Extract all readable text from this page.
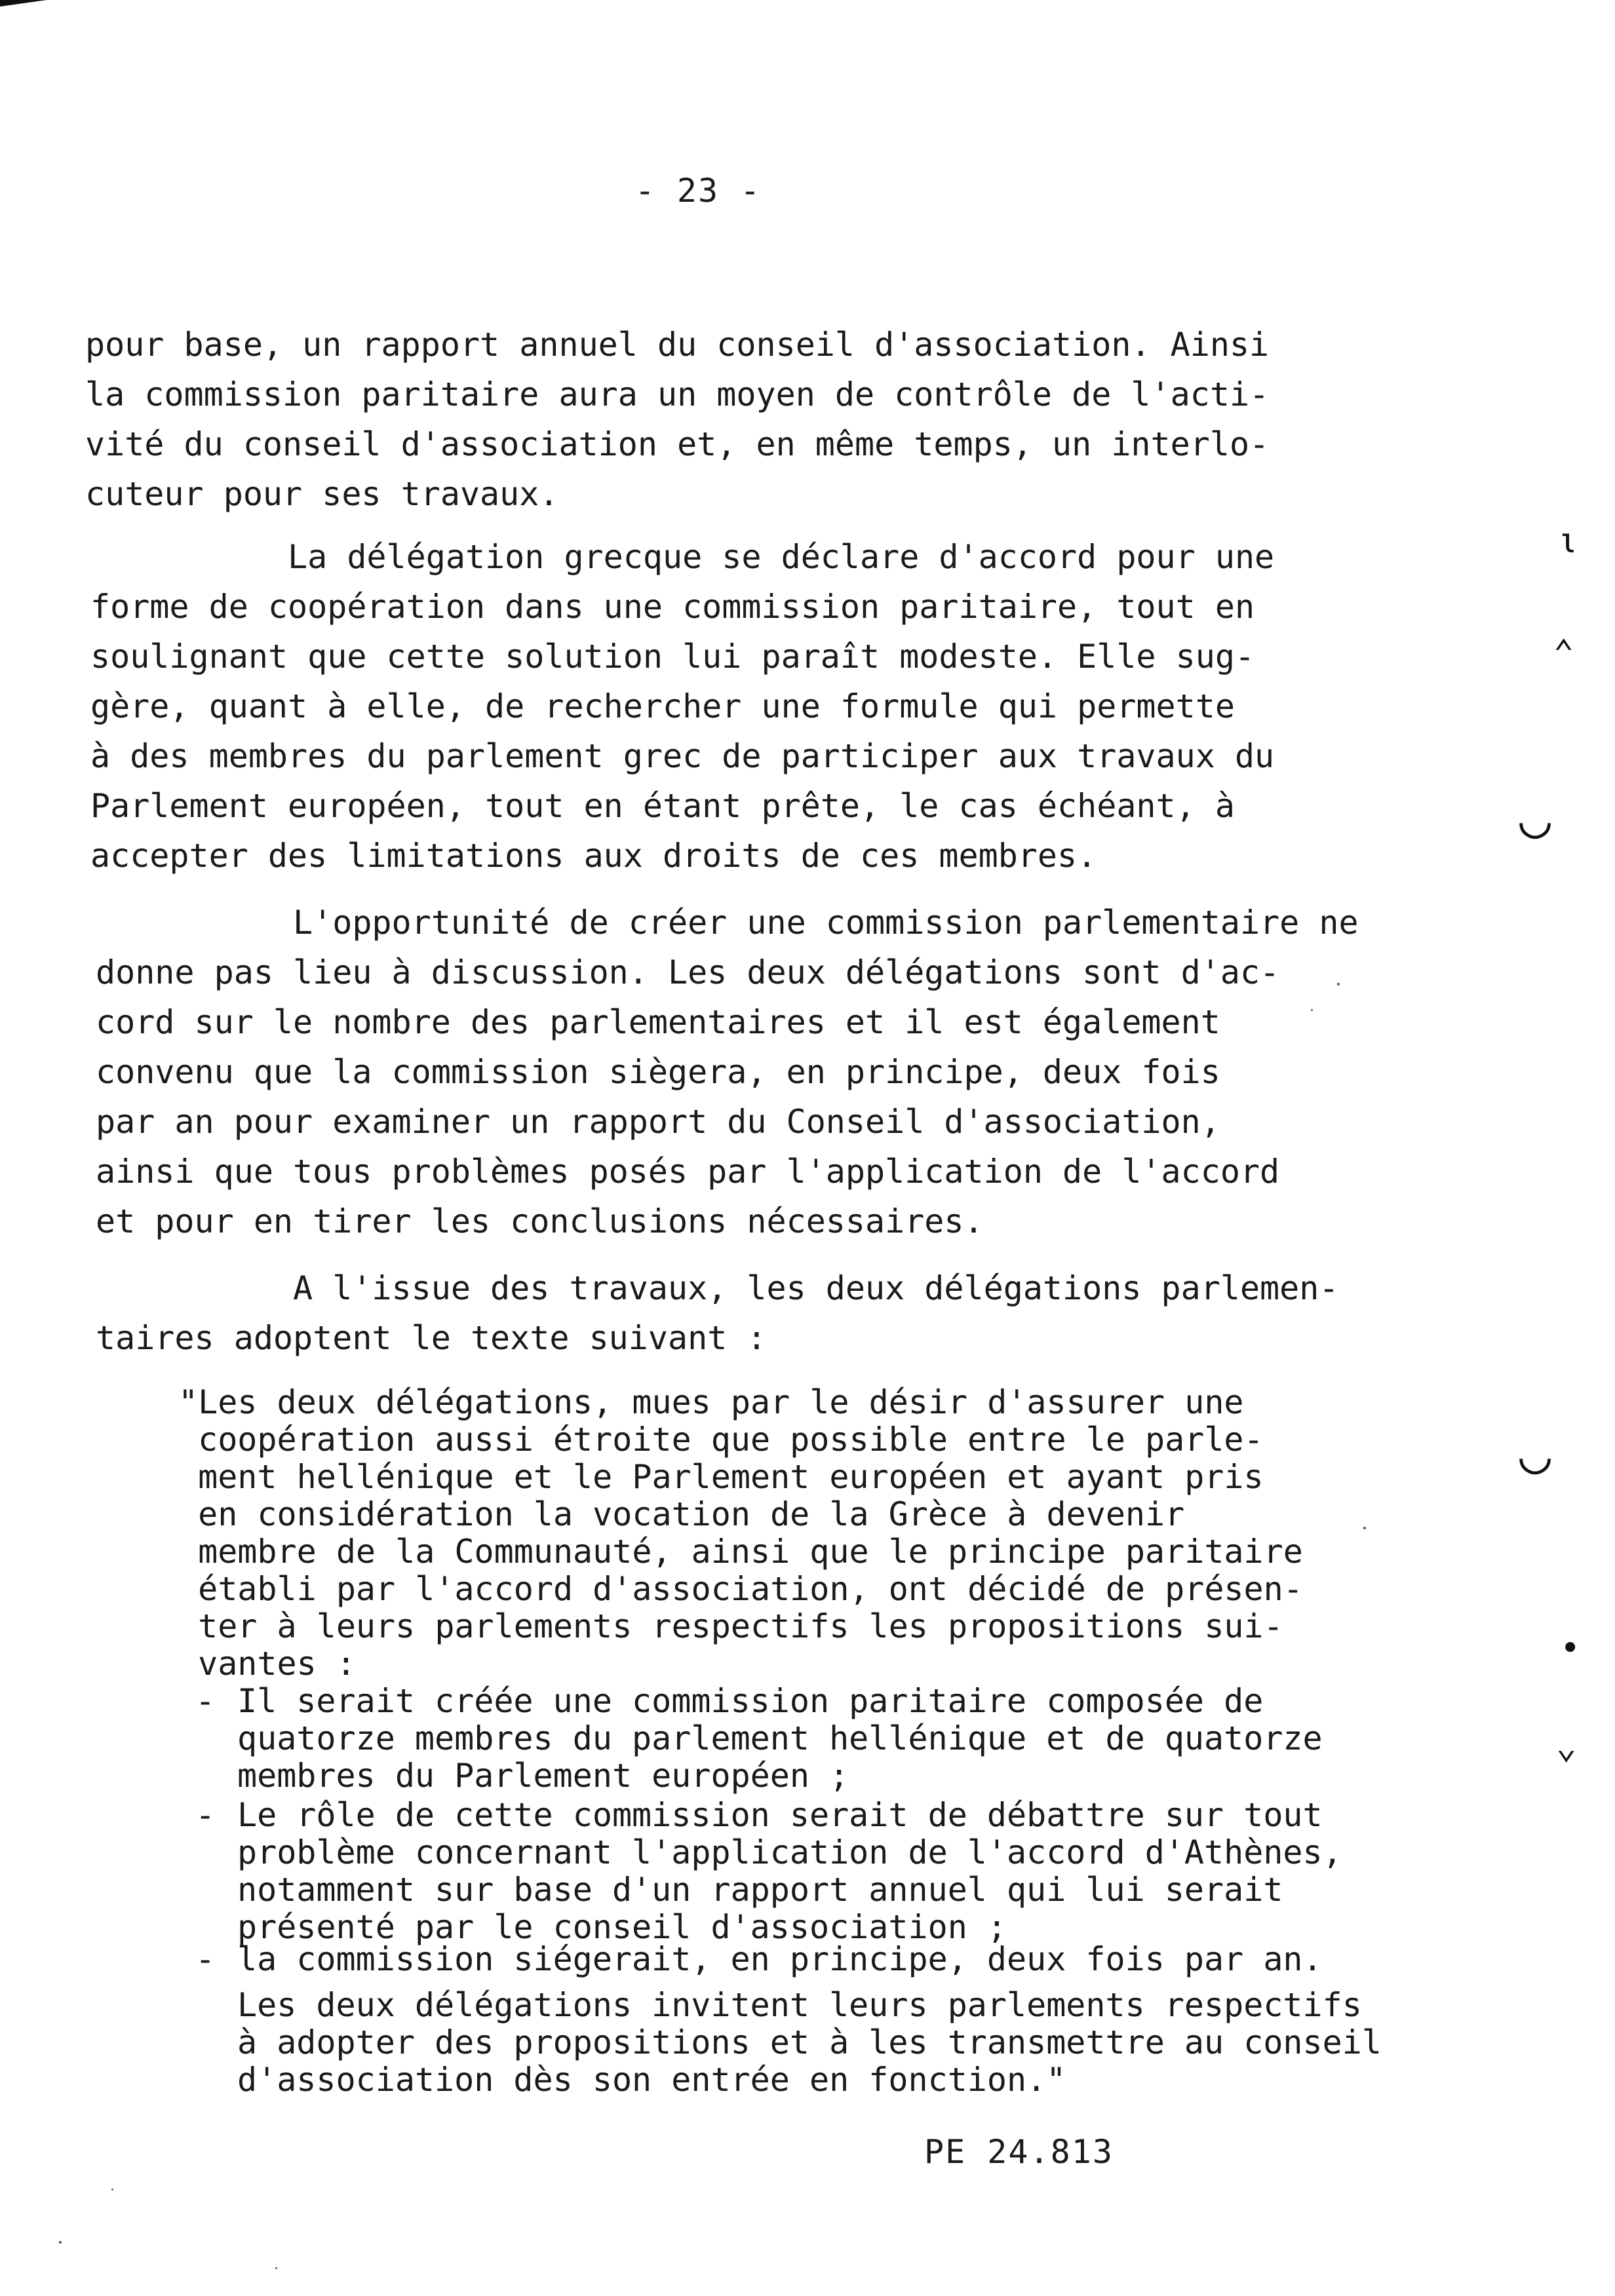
- 23 -

pour base, un rapport annuel du conseil d'association. Ainsi
la commission paritaire aura un moyen de contrôle de l'acti-
vité du conseil d'association et, en même temps, un interlo-
cuteur pour ses travaux.

La délégation grecque se déclare d'accord pour une
forme de coopération dans une commission paritaire, tout en
soulignant que cette solution lui paraît modeste. Elle sug-
gère, quant à elle, de rechercher une formule qui permette
à des membres du parlement grec de participer aux travaux du
Parlement européen, tout en étant prête, le cas échéant, à
accepter des limitations aux droits de ces membres.

L'opportunité de créer une commission parlementaire ne
donne pas lieu à discussion. Les deux délégations sont d'ac-
cord sur le nombre des parlementaires et il est également
convenu que la commission siègera, en principe, deux fois
par an pour examiner un rapport du Conseil d'association,
ainsi que tous problèmes posés par l'application de l'accord
et pour en tirer les conclusions nécessaires.

A l'issue des travaux, les deux délégations parlemen-
taires adoptent le texte suivant :

"Les deux délégations, mues par le désir d'assurer une
coopération aussi étroite que possible entre le parle-
ment hellénique et le Parlement européen et ayant pris
en considération la vocation de la Grèce à devenir
membre de la Communauté, ainsi que le principe paritaire
établi par l'accord d'association, ont décidé de présen-
ter à leurs parlements respectifs les propositions sui-
vantes :

- Il serait créée une commission paritaire composée de
quatorze membres du parlement hellénique et de quatorze
membres du Parlement européen ;
- Le rôle de cette commission serait de débattre sur tout
problème concernant l'application de l'accord d'Athènes,
notamment sur base d'un rapport annuel qui lui serait
présenté par le conseil d'association ;
- la commission siégerait, en principe, deux fois par an.

Les deux délégations invitent leurs parlements respectifs
à adopter des propositions et à les transmettre au conseil
d'association dès son entrée en fonction."

PE 24.813
ι
⌃
◡
◡
•
⌄
